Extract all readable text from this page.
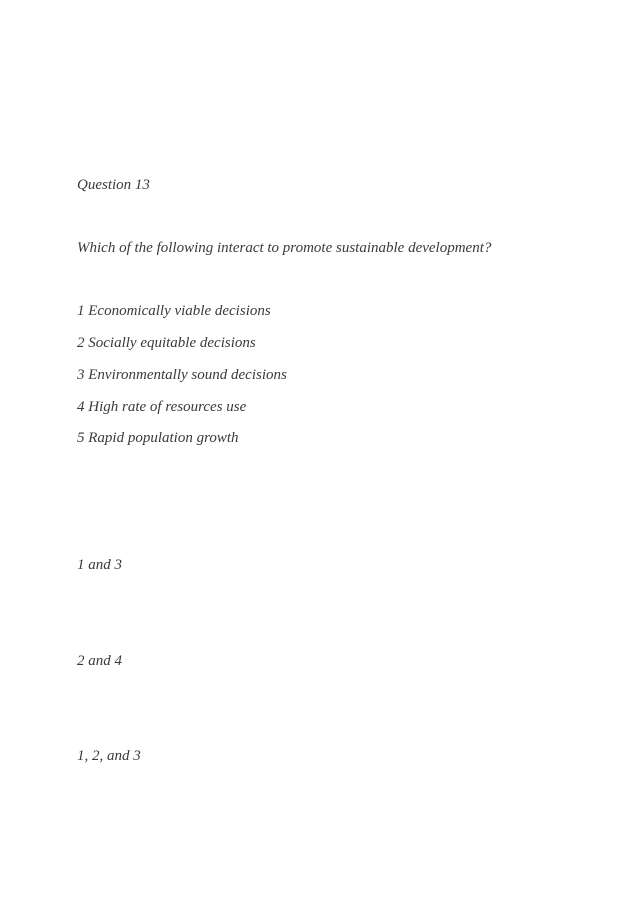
Question 13
Which of the following interact to promote sustainable development?
1 Economically viable decisions
2 Socially equitable decisions
3 Environmentally sound decisions
4 High rate of resources use
5 Rapid population growth
1 and 3
2 and 4
1, 2, and 3
